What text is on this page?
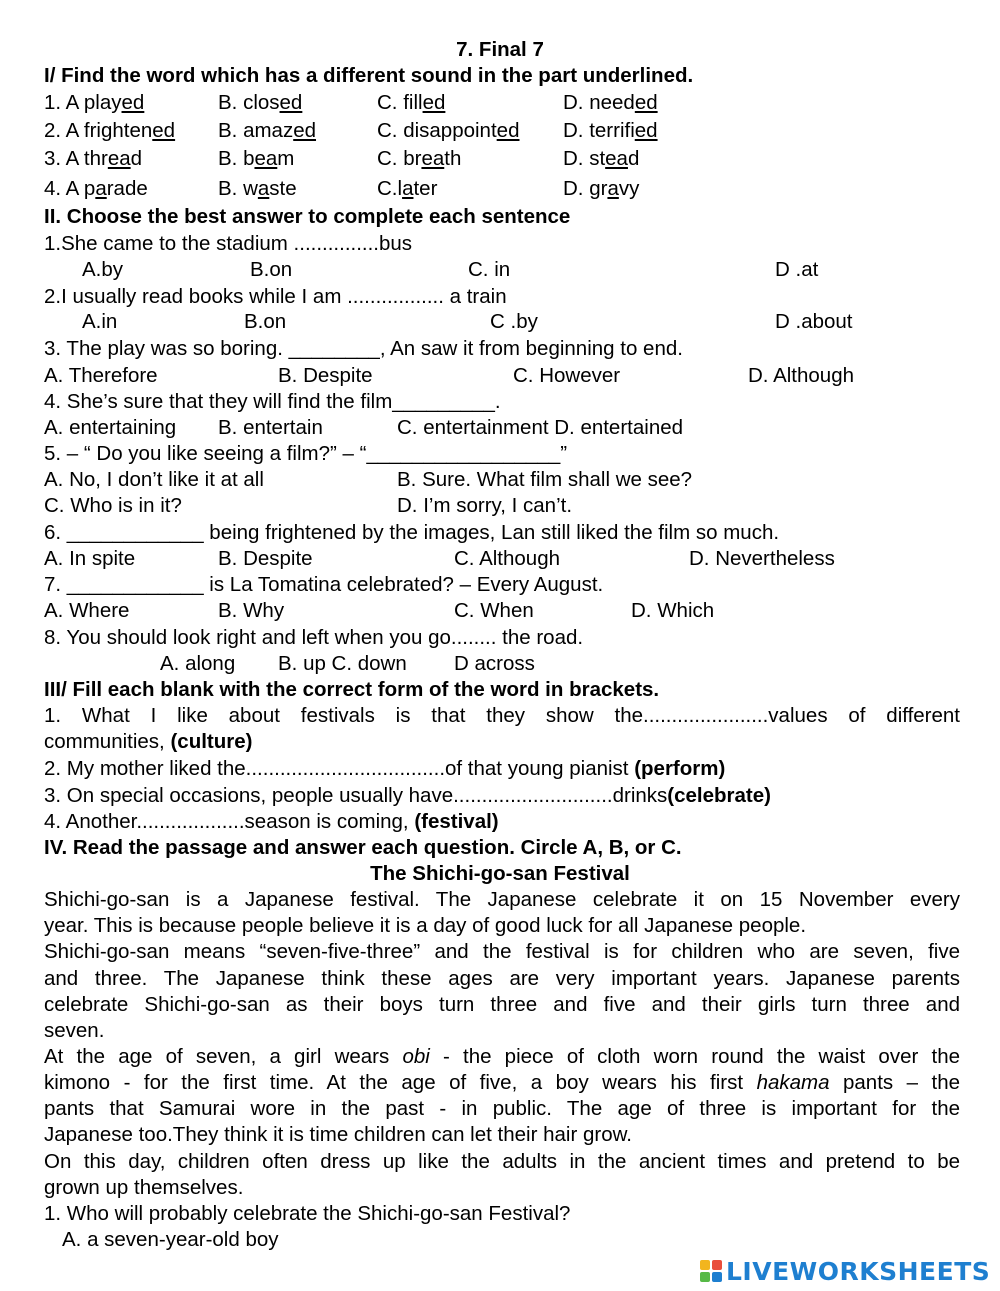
7. Final 7
I/ Find the word which has a different sound in the part underlined.
1. A played	B. closed	C. filled	D. needed
2. A frightened B. amazed	C. disappointed D. terrified
3. A thread	B. beam	C. breath	D. stead
4. A parade	B. waste	C.later	D. gravy
II. Choose the best answer to complete each sentence
1.She came to the stadium ...............bus
A.by	B.on	C. in	D .at
2.I usually read books while I am ................. a train
A.in	B.on	C .by	D .about
3. The play was so boring. ________, An saw it from beginning to end.
A. Therefore	B. Despite	C. However	D. Although
4. She’s sure that they will find the film_________.
A. entertaining B. entertain	C. entertainment D. entertained
5. – “ Do you like seeing a film?” – “_________________”
A. No, I don’t like it at all	B. Sure. What film shall we see?
C. Who is in it?	D. I’m sorry, I can’t.
6. ____________ being frightened by the images, Lan still liked the film so much.
A. In spite	B. Despite	C. Although	D. Nevertheless
7. ____________ is La Tomatina celebrated? – Every August.
A. Where	B. Why	C. When	D. Which
8. You should look right and left when you go........ the road.
A. along B. up C. down D across
III/ Fill each blank with the correct form of the word in brackets.
1. What I like about festivals is that they show the......................values of different
communities, (culture)
2. My mother liked the...................................of that young pianist (perform)
3. On special occasions, people usually have............................drinks(celebrate)
4. Another...................season is coming, (festival)
IV. Read the passage and answer each question. Circle A, B, or C.
The Shichi-go-san Festival
Shichi-go-san is a Japanese festival. The Japanese celebrate it on 15 November every
year. This is because people believe it is a day of good luck for all Japanese people.
Shichi-go-san means “seven-five-three” and the festival is for children who are seven, five
and three. The Japanese think these ages are very important years. Japanese parents
celebrate Shichi-go-san as their boys turn three and five and their girls turn three and
seven.
At the age of seven, a girl wears obi - the piece of cloth worn round the waist over the
kimono - for the first time. At the age of five, a boy wears his first hakama pants – the
pants that Samurai wore in the past - in public. The age of three is important for the
Japanese too.They think it is time children can let their hair grow.
On this day, children often dress up like the adults in the ancient times and pretend to be
grown up themselves.
1. Who will probably celebrate the Shichi-go-san Festival?
A. a seven-year-old boy
LIVEWORKSHEETS
